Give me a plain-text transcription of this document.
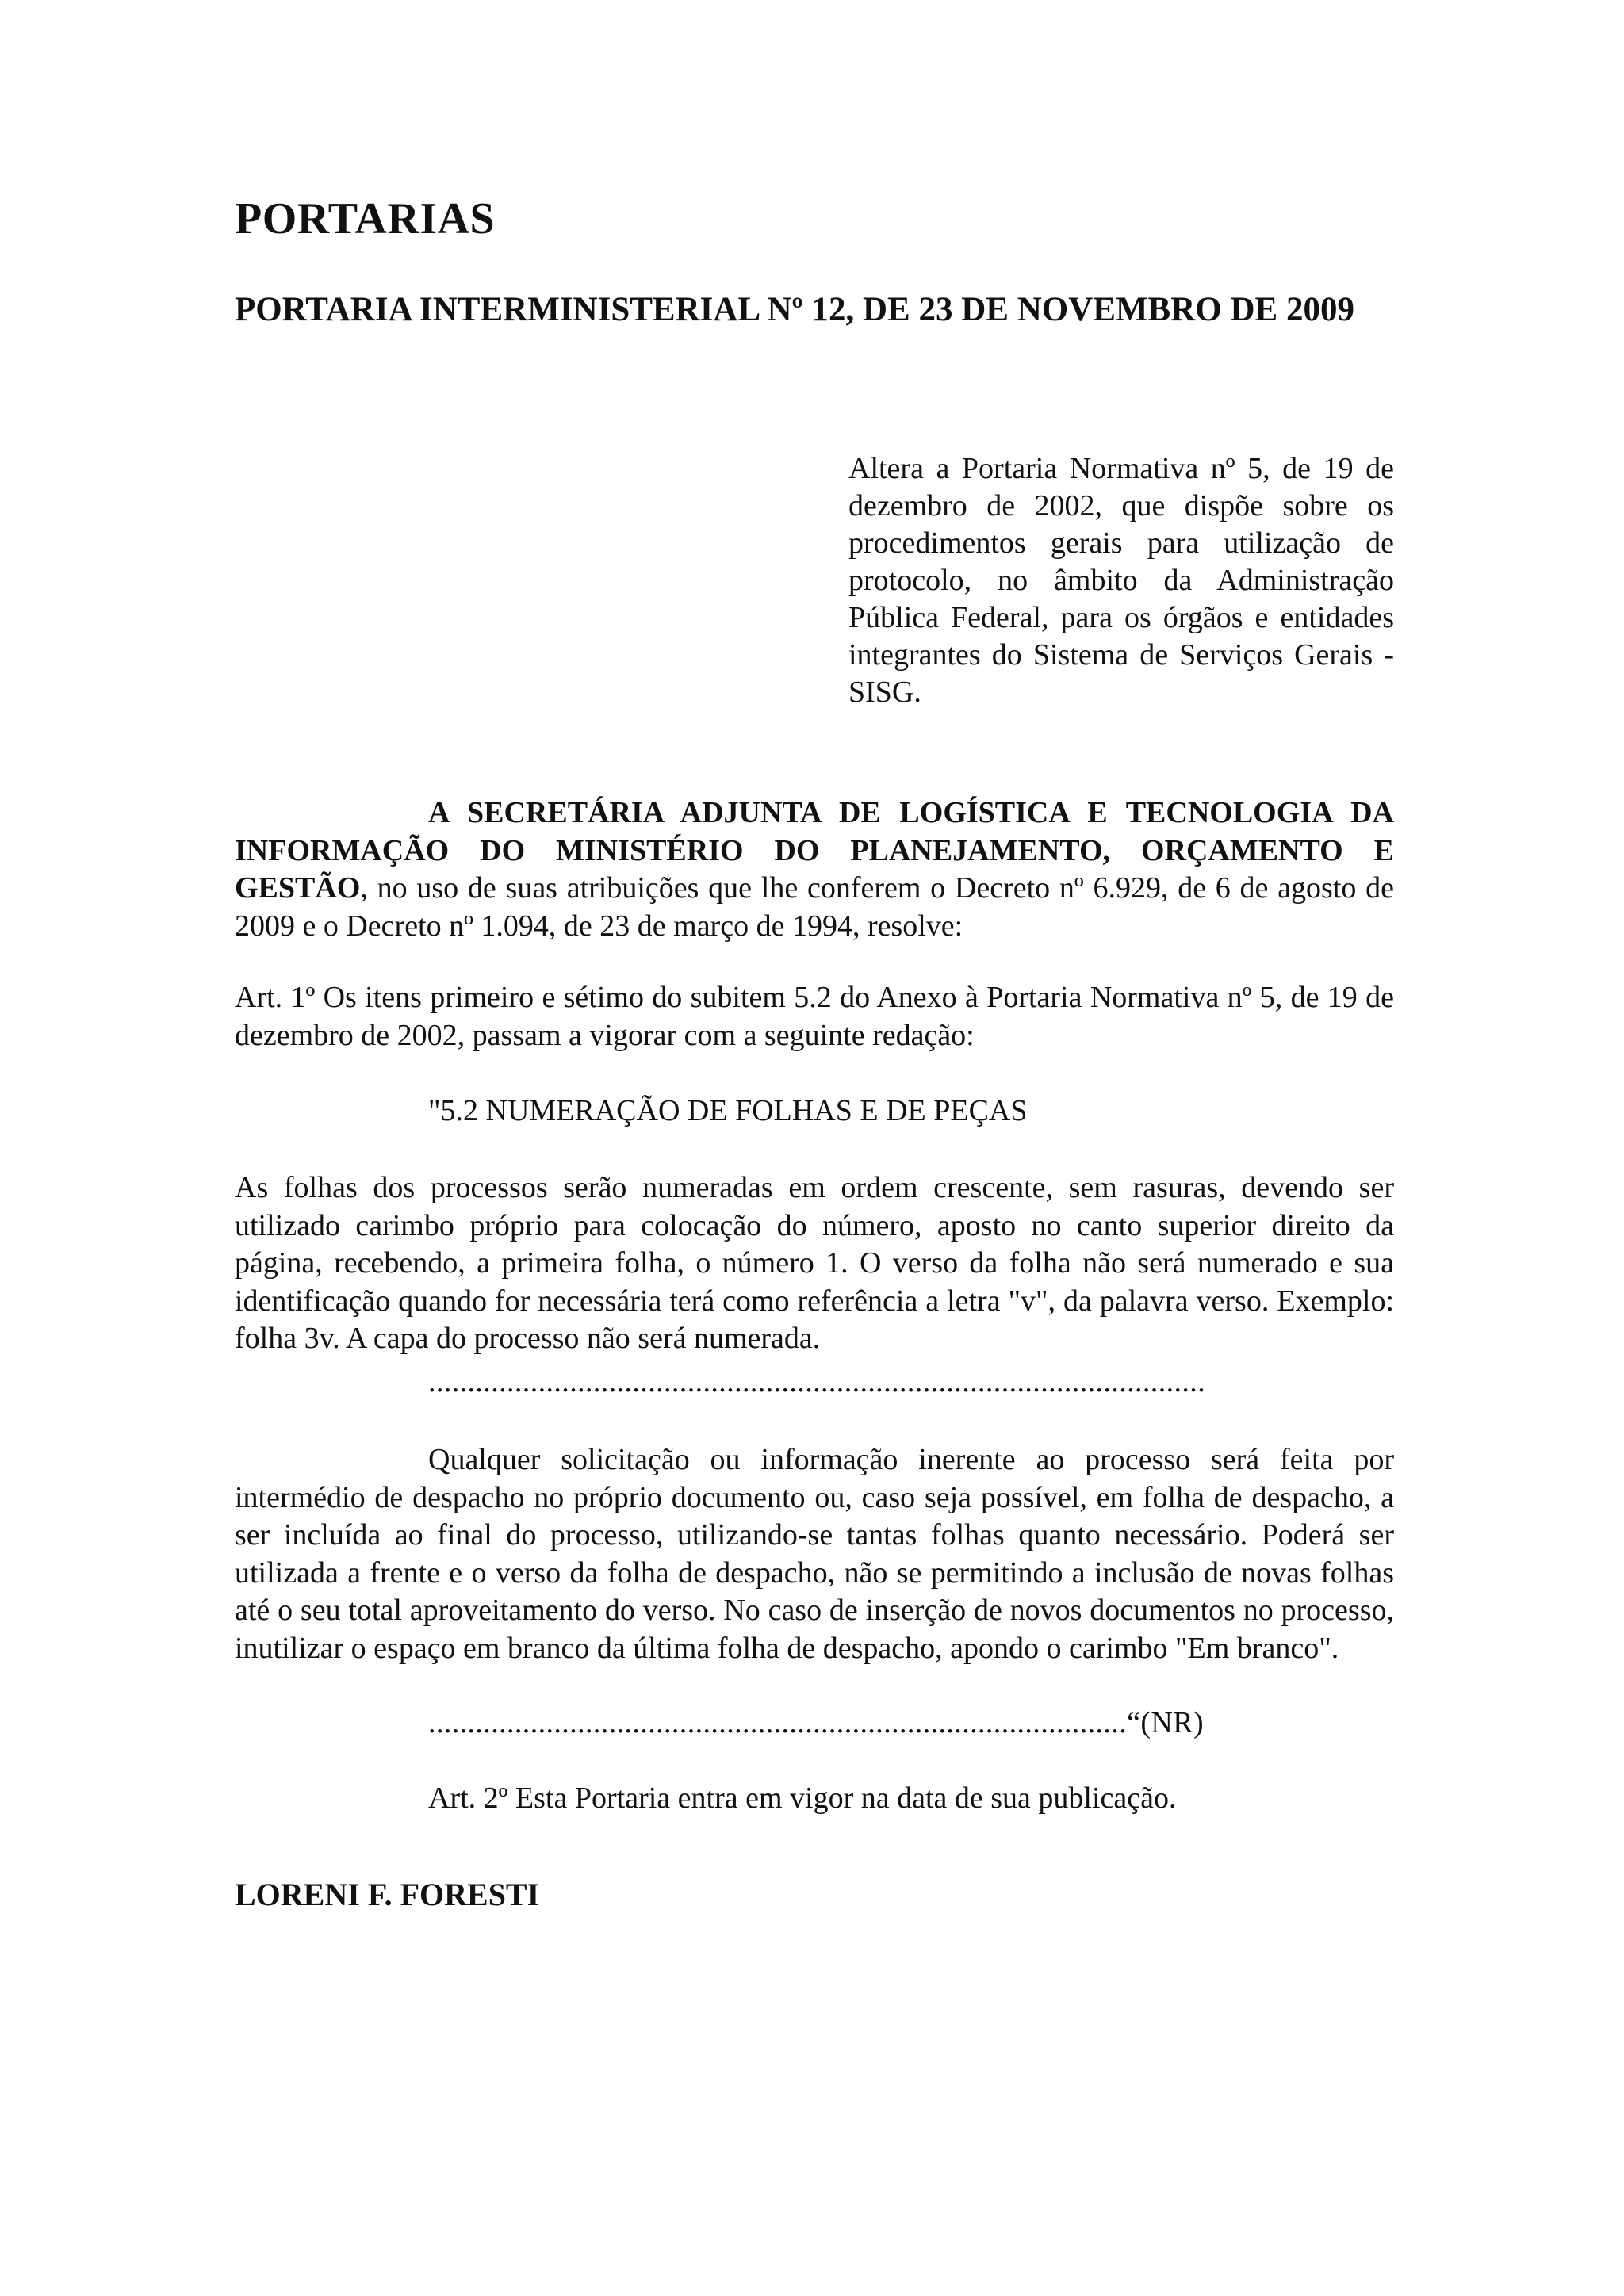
PORTARIAS
PORTARIA INTERMINISTERIAL Nº 12, DE 23 DE NOVEMBRO DE 2009

Altera a Portaria Normativa nº 5, de 19 de dezembro de 2002, que dispõe sobre os procedimentos gerais para utilização de protocolo, no âmbito da Administração Pública Federal, para os órgãos e entidades integrantes do Sistema de Serviços Gerais - SISG.

A SECRETÁRIA ADJUNTA DE LOGÍSTICA E TECNOLOGIA DA INFORMAÇÃO DO MINISTÉRIO DO PLANEJAMENTO, ORÇAMENTO E GESTÃO, no uso de suas atribuições que lhe conferem o Decreto nº 6.929, de 6 de agosto de 2009 e o Decreto nº 1.094, de 23 de março de 1994, resolve:

Art. 1º Os itens primeiro e sétimo do subitem 5.2 do Anexo à Portaria Normativa nº 5, de 19 de dezembro de 2002, passam a vigorar com a seguinte redação:

"5.2 NUMERAÇÃO DE FOLHAS E DE PEÇAS

As folhas dos processos serão numeradas em ordem crescente, sem rasuras, devendo ser utilizado carimbo próprio para colocação do número, aposto no canto superior direito da página, recebendo, a primeira folha, o número 1. O verso da folha não será numerado e sua identificação quando for necessária terá como referência a letra "v", da palavra verso. Exemplo: folha 3v. A capa do processo não será numerada.

...................................................................................................

Qualquer solicitação ou informação inerente ao processo será feita por intermédio de despacho no próprio documento ou, caso seja possível, em folha de despacho, a ser incluída ao final do processo, utilizando-se tantas folhas quanto necessário. Poderá ser utilizada a frente e o verso da folha de despacho, não se permitindo a inclusão de novas folhas até o seu total aproveitamento do verso. No caso de inserção de novos documentos no processo, inutilizar o espaço em branco da última folha de despacho, apondo o carimbo "Em branco".

.........................................................................................“(NR)

Art. 2º Esta Portaria entra em vigor na data de sua publicação.

LORENI F. FORESTI
